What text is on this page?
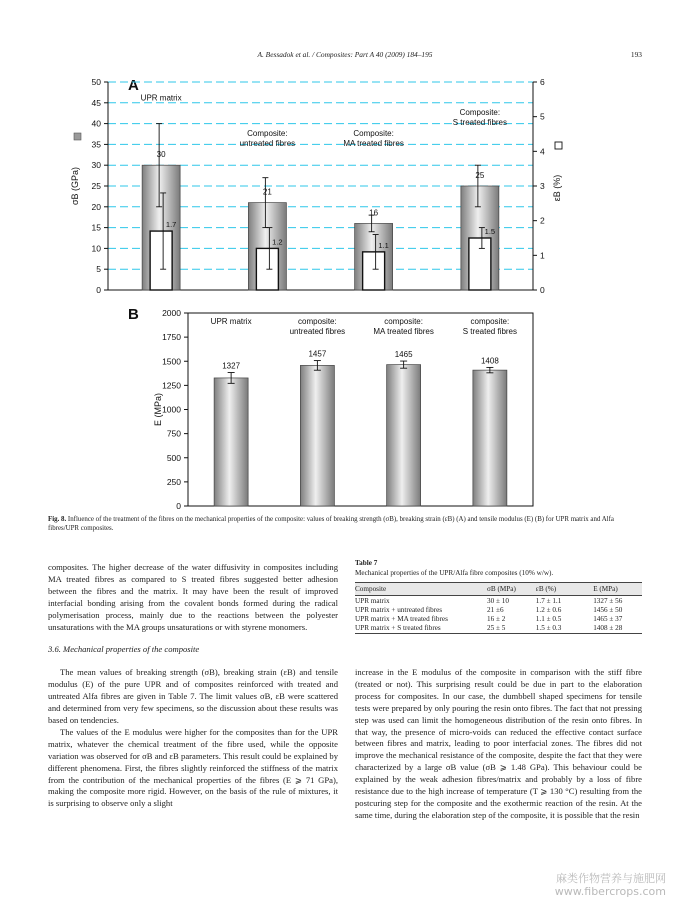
A. Bessadok et al. / Composites: Part A 40 (2009) 184–195	193
A
0
5
10
15
20
25
30
35
40
45
50
0
1
2
3
4
5
6
σB (GPa)	εB (%)
30
1.7
UPR matrix
21
1.2
Composite:
untreated fibres
16
1.1
Composite:
MA treated fibres
25
1.5
Composite:
S treated fibres
B
0
250
500
750
1000
1250
1500
1750
2000
E (MPa)
1327
UPR matrix
1457
composite:
untreated fibres
1465
composite:
MA treated fibres
1408
composite:
S treated fibres
Fig. 8. Influence of the treatment of the fibres on the mechanical properties of the composite: values of breaking strength (σB), breaking strain (εB) (A) and tensile modulus (E) (B) for UPR matrix and Alfa fibres/UPR composites.

composites. The higher decrease of the water diffusivity in composites including MA treated fibres as compared to S treated fibres suggested better adhesion between the fibres and the matrix. It may have been the result of improved interfacial bonding arising from the covalent bonds formed during the radical polymerisation process, mainly due to the reactions between the polyester unsaturations with the MA groups unsaturations or with styrene monomers.

3.6. Mechanical properties of the composite

The mean values of breaking strength (σB), breaking strain (εB) and tensile modulus (E) of the pure UPR and of composites reinforced with treated and untreated Alfa fibres are given in Table 7. The limit values σB, εB were scattered and determined from very few specimens, so the discussion about these results was based on tendencies.

The values of the E modulus were higher for the composites than for the UPR matrix, whatever the chemical treatment of the fibre used, while the opposite variation was observed for σB and εB parameters. This result could be explained by different phenomena. First, the fibres slightly reinforced the stiffness of the matrix from the contribution of the mechanical properties of the fibres (E ⩾ 71 GPa), making the composite more rigid. However, on the basis of the rule of mixtures, it is surprising to observe only a slight

Table 7
Mechanical properties of the UPR/Alfa fibre composites (10% w/w).
Composite	σB (MPa)	εB (%)	E (MPa)
UPR matrix	30 ± 10	1.7 ± 1.1	1327 ± 56
UPR matrix + untreated fibres	21 ±6	1.2 ± 0.6	1456 ± 50
UPR matrix + MA treated fibres	16 ± 2	1.1 ± 0.5	1465 ± 37
UPR matrix + S treated fibres	25 ± 5	1.5 ± 0.3	1408 ± 28

increase in the E modulus of the composite in comparison with the stiff fibre (treated or not). This surprising result could be due in part to the elaboration process for composites. In our case, the dumbbell shaped specimens for tensile tests were prepared by only pouring the resin onto fibres. The fact that not pressing step was used can limit the homogeneous distribution of the resin onto fibres. In that way, the presence of micro-voids can reduced the effective contact surface between fibres and matrix, leading to poor interfacial zones. The fibres did not improve the mechanical resistance of the composite, despite the fact that they were characterized by a large σB value (σB ⩾ 1.48 GPa). This behaviour could be explained by the weak adhesion fibres/matrix and probably by a loss of fibre resistance due to the high increase of temperature (T ⩾ 130 °C) resulting from the postcuring step for the composite and the exothermic reaction of the resin. At the same time, during the elaboration step of the composite, it is possible that the resin

麻类作物营养与施肥网
www.fibercrops.com
